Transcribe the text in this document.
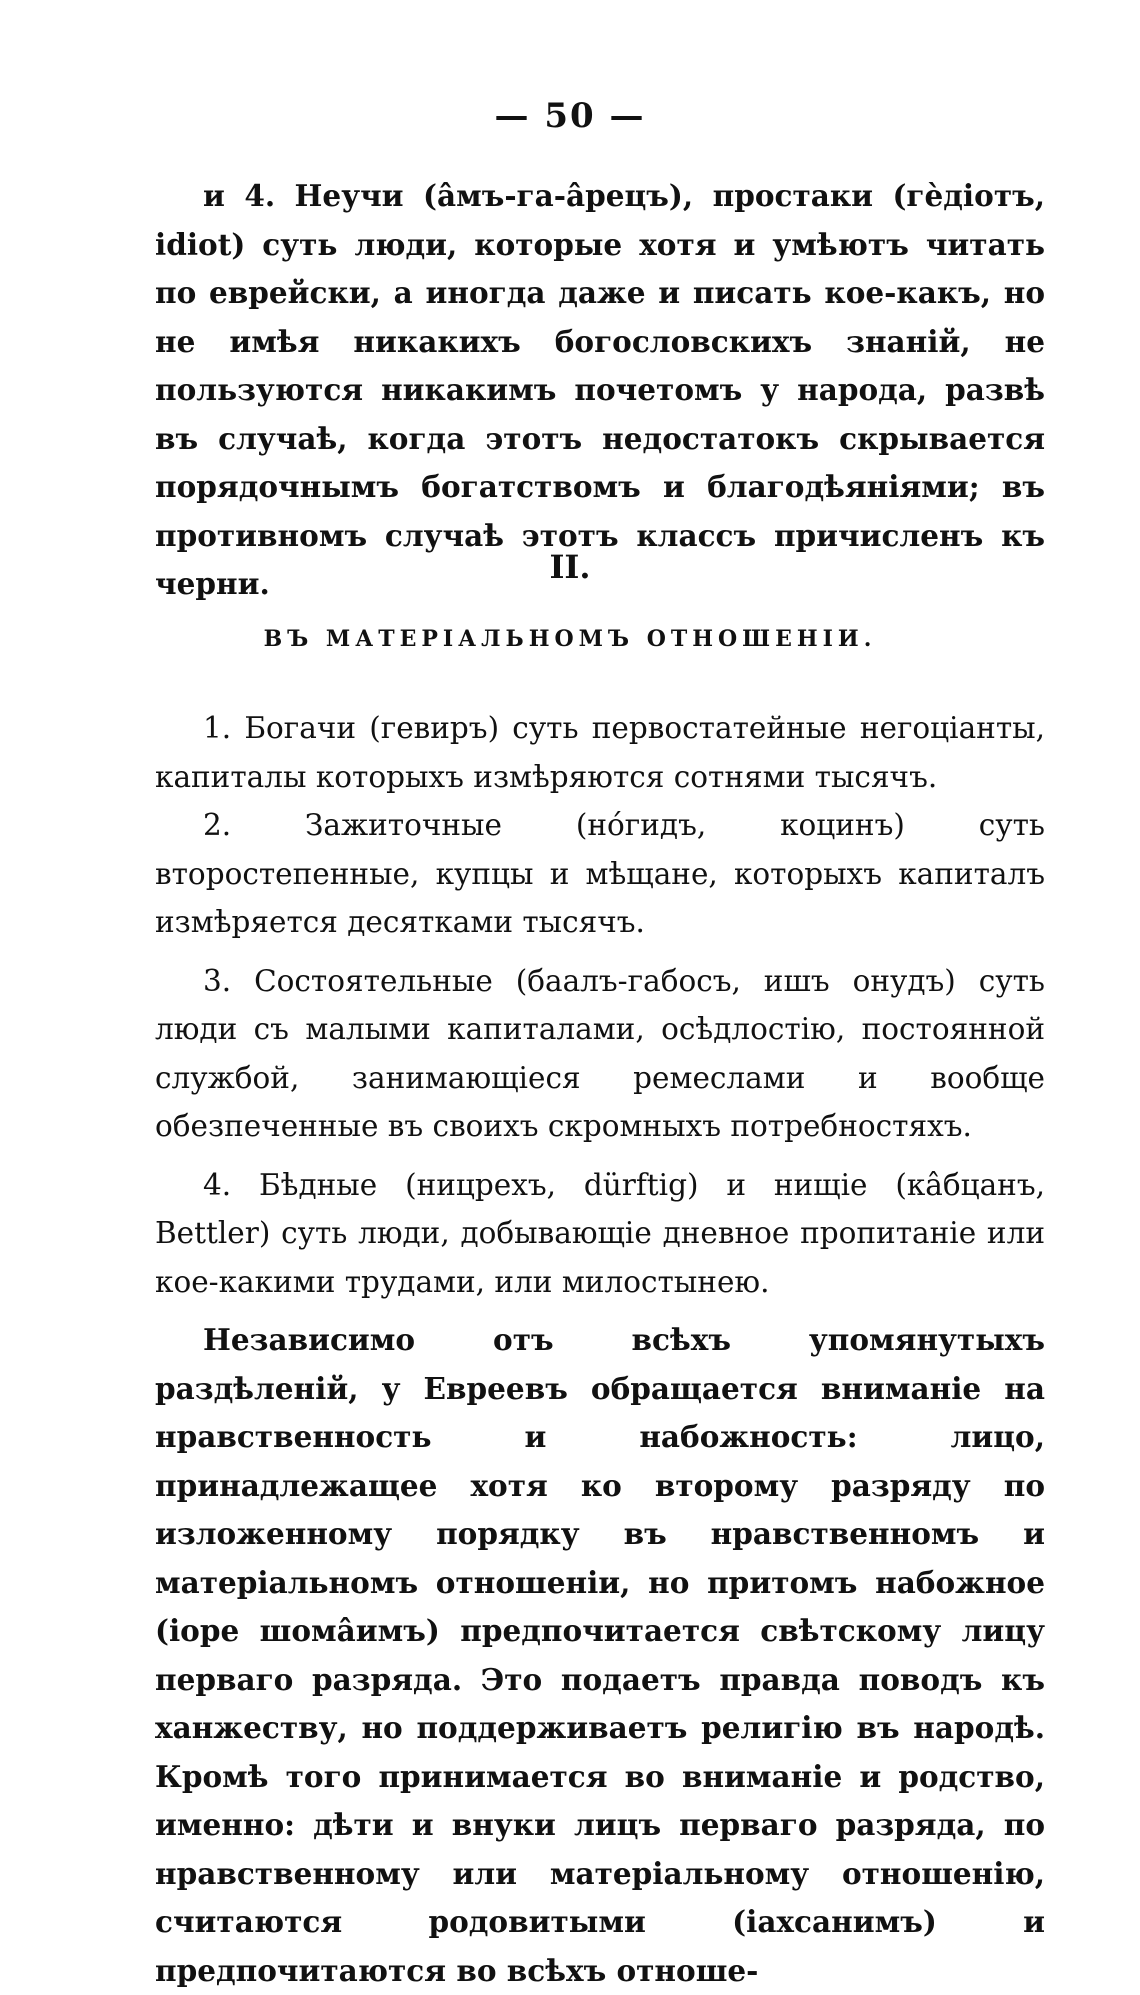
— 50 —

и 4. Неучи (âмъ-га-âрецъ), простаки (гѐдіотъ, idiot) суть люди, которые хотя и умѣютъ читать по еврейски, а иногда даже и писать кое-какъ, но не имѣя никакихъ богословскихъ знаній, не пользуются никакимъ почетомъ у народа, развѣ въ случаѣ, когда этотъ недостатокъ скрывается порядочнымъ богатствомъ и благодѣяніями; въ противномъ случаѣ этотъ классъ причисленъ къ черни.	II.
ВЪ МАТЕРІАЛЬНОМЪ ОТНОШЕНІИ.

1. Богачи (гевиръ) суть первостатейные негоціанты, капиталы которыхъ измѣряются сотнями тысячъ.

2. Зажиточные (нóгидъ, коцинъ) суть второстепенные, купцы и мѣщане, которыхъ капиталъ измѣряется десятками тысячъ.

3. Состоятельные (баалъ-габосъ, ишъ онудъ) суть люди съ малыми капиталами, осѣдлостію, постоянной службой, занимающіеся ремеслами и вообще обезпеченные въ своихъ скромныхъ потребностяхъ.

4. Бѣдные (ницрехъ, dürftig) и нищіе (кâбцанъ, Bettler) суть люди, добывающіе дневное пропитаніе или кое-какими трудами, или милостынею.

Независимо отъ всѣхъ упомянутыхъ раздѣленій, у Евреевъ обращается вниманіе на нравственность и набожность: лицо, принадлежащее хотя ко второму разряду по изложенному порядку въ нравственномъ и матеріальномъ отношеніи, но притомъ набожное (іоре шомâимъ) предпочитается свѣтскому лицу перваго разряда. Это подаетъ правда поводъ къ ханжеству, но поддерживаетъ религію въ народѣ. Кромѣ того принимается во вниманіе и родство, именно: дѣти и внуки лицъ перваго разряда, по нравственному или матеріальному отношенію, считаются родовитыми (іахсанимъ) и предпочитаются во всѣхъ отноше-
